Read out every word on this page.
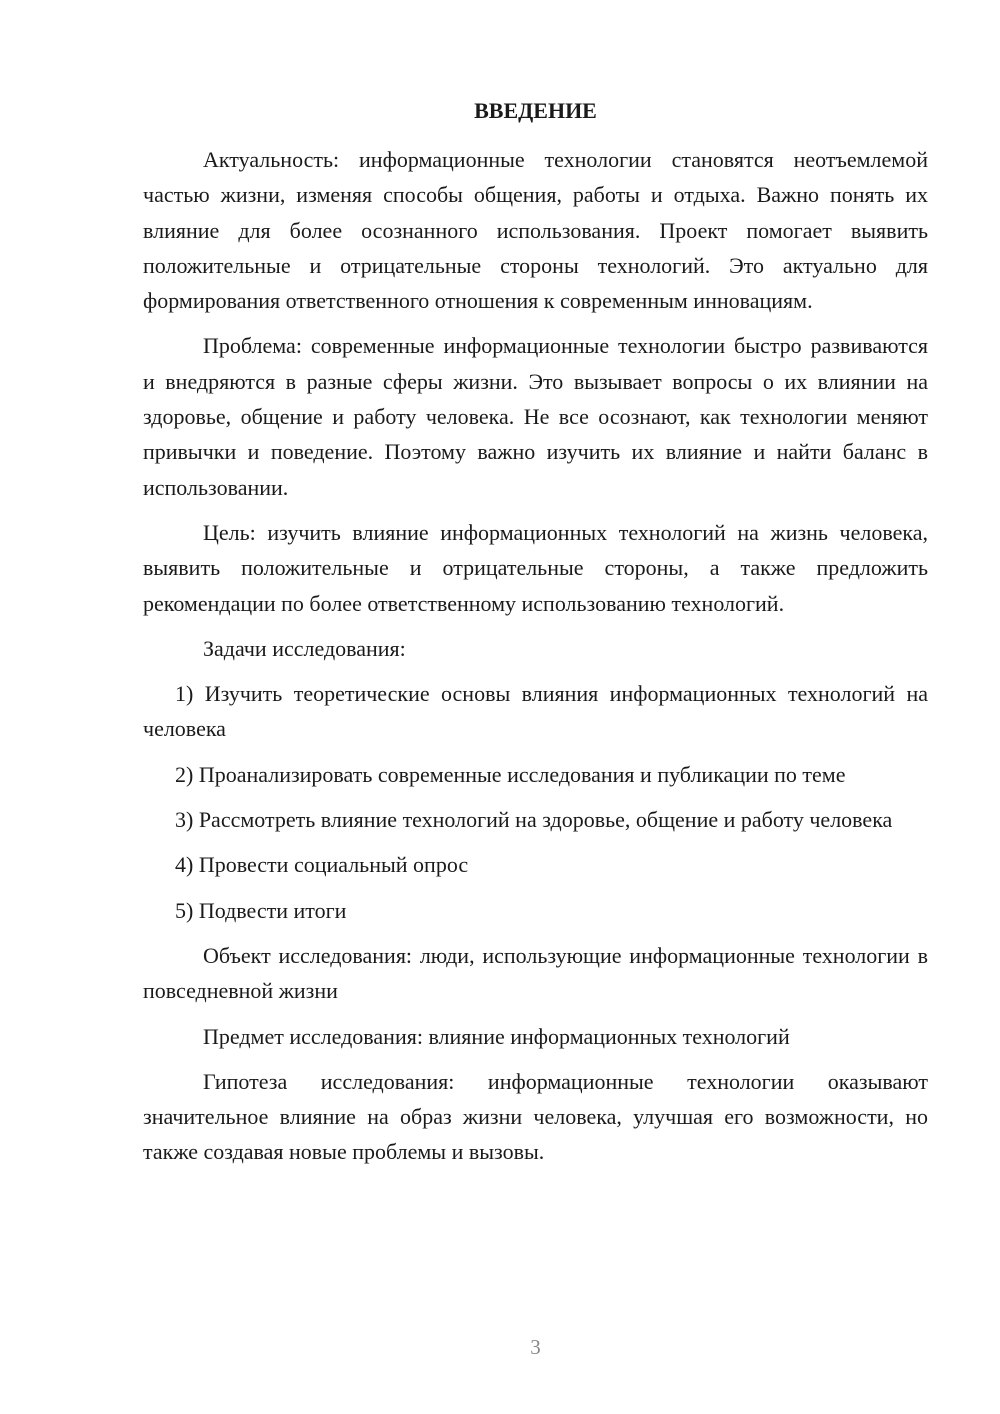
ВВЕДЕНИЕ

Актуальность: информационные технологии становятся неотъемлемой частью жизни, изменяя способы общения, работы и отдыха. Важно понять их влияние для более осознанного использования. Проект помогает выявить положительные и отрицательные стороны технологий. Это актуально для формирования ответственного отношения к современным инновациям.

Проблема: современные информационные технологии быстро развиваются и внедряются в разные сферы жизни. Это вызывает вопросы о их влиянии на здоровье, общение и работу человека. Не все осознают, как технологии меняют привычки и поведение. Поэтому важно изучить их влияние и найти баланс в использовании.

Цель: изучить влияние информационных технологий на жизнь человека, выявить положительные и отрицательные стороны, а также предложить рекомендации по более ответственному использованию технологий.

Задачи исследования:

1) Изучить теоретические основы влияния информационных технологий на человека

2) Проанализировать современные исследования и публикации по теме

3) Рассмотреть влияние технологий на здоровье, общение и работу человека

4) Провести социальный опрос

5) Подвести итоги

Объект исследования: люди, использующие информационные технологии в повседневной жизни

Предмет исследования: влияние информационных технологий

Гипотеза исследования: информационные технологии оказывают значительное влияние на образ жизни человека, улучшая его возможности, но также создавая новые проблемы и вызовы.

3
